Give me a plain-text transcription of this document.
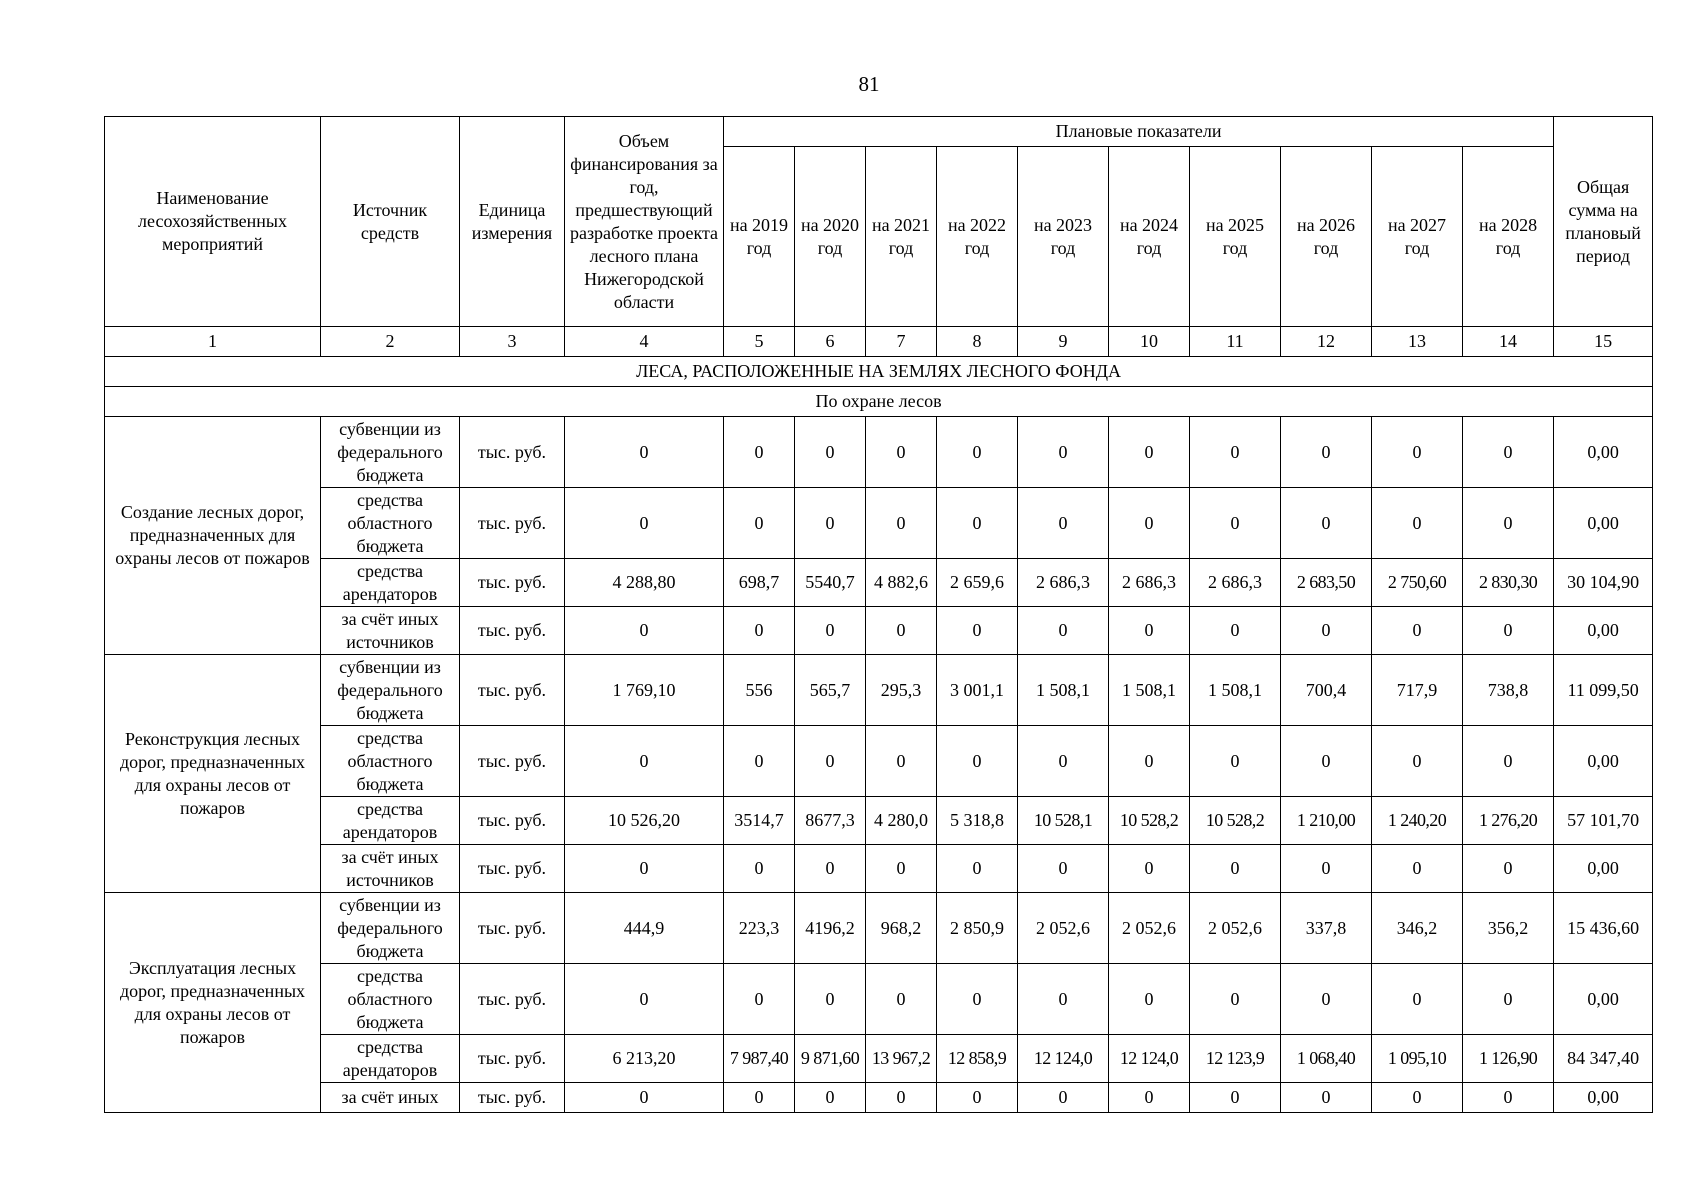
81
Наименование лесохозяйственных мероприятий	Источник средств	Единица измерения	Объем финансирования за год, предшествующий разработке проекта лесного плана Нижегородской области	Плановые показатели										Общая сумма на плановый период
				на 2019 год	на 2020 год	на 2021 год	на 2022 год	на 2023 год	на 2024 год	на 2025 год	на 2026 год	на 2027 год	на 2028 год	
1	2	3	4	5	6	7	8	9	10	11	12	13	14	15
ЛЕСА, РАСПОЛОЖЕННЫЕ НА ЗЕМЛЯХ ЛЕСНОГО ФОНДА														
По охране лесов														
Создание лесных дорог, предназначенных для охраны лесов от пожаров	субвенции из федерального бюджета	тыс. руб.	0	0	0	0	0	0	0	0	0	0	0	0,00
	средства областного бюджета	тыс. руб.	0	0	0	0	0	0	0	0	0	0	0	0,00
	средства арендаторов	тыс. руб.	4 288,80	698,7	5540,7	4 882,6	2 659,6	2 686,3	2 686,3	2 686,3	2 683,50	2 750,60	2 830,30	30 104,90
	за счёт иных источников	тыс. руб.	0	0	0	0	0	0	0	0	0	0	0	0,00
Реконструкция лесных дорог, предназначенных для охраны лесов от пожаров	субвенции из федерального бюджета	тыс. руб.	1 769,10	556	565,7	295,3	3 001,1	1 508,1	1 508,1	1 508,1	700,4	717,9	738,8	11 099,50
	средства областного бюджета	тыс. руб.	0	0	0	0	0	0	0	0	0	0	0	0,00
	средства арендаторов	тыс. руб.	10 526,20	3514,7	8677,3	4 280,0	5 318,8	10 528,1	10 528,2	10 528,2	1 210,00	1 240,20	1 276,20	57 101,70
	за счёт иных источников	тыс. руб.	0	0	0	0	0	0	0	0	0	0	0	0,00
Эксплуатация лесных дорог, предназначенных для охраны лесов от пожаров	субвенции из федерального бюджета	тыс. руб.	444,9	223,3	4196,2	968,2	2 850,9	2 052,6	2 052,6	2 052,6	337,8	346,2	356,2	15 436,60
	средства областного бюджета	тыс. руб.	0	0	0	0	0	0	0	0	0	0	0	0,00
	средства арендаторов	тыс. руб.	6 213,20	7 987,40	9 871,60	13 967,2	12 858,9	12 124,0	12 124,0	12 123,9	1 068,40	1 095,10	1 126,90	84 347,40
	за счёт иных	тыс. руб.	0	0	0	0	0	0	0	0	0	0	0	0,00
